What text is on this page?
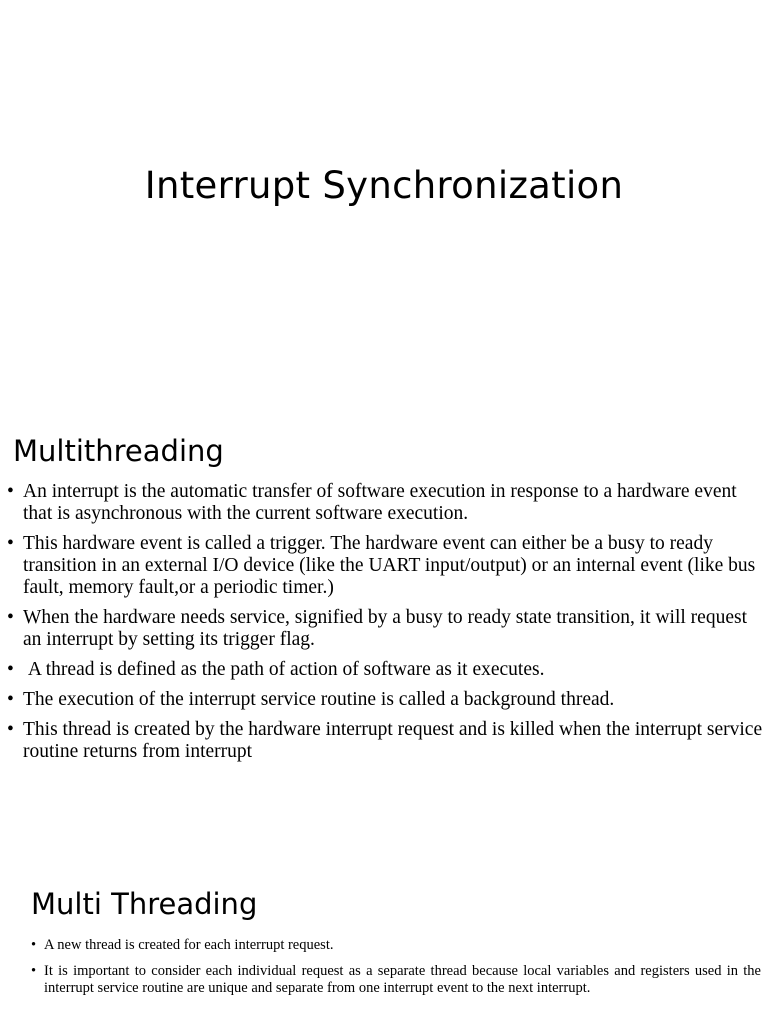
Interrupt Synchronization
Multithreading
• An interrupt is the automatic transfer of software execution in response to a hardware event that is asynchronous with the current software execution.
• This hardware event is called a trigger. The hardware event can either be a busy to ready transition in an external I/O device (like the UART input/output) or an internal event (like bus fault, memory fault,or a periodic timer.)
• When the hardware needs service, signified by a busy to ready state transition, it will request an interrupt by setting its trigger flag.
• A thread is defined as the path of action of software as it executes.
• The execution of the interrupt service routine is called a background thread.
• This thread is created by the hardware interrupt request and is killed when the interrupt service routine returns from interrupt
Multi Threading
• A new thread is created for each interrupt request.
• It is important to consider each individual request as a separate thread because local variables and registers used in the interrupt service routine are unique and separate from one interrupt event to the next interrupt.
